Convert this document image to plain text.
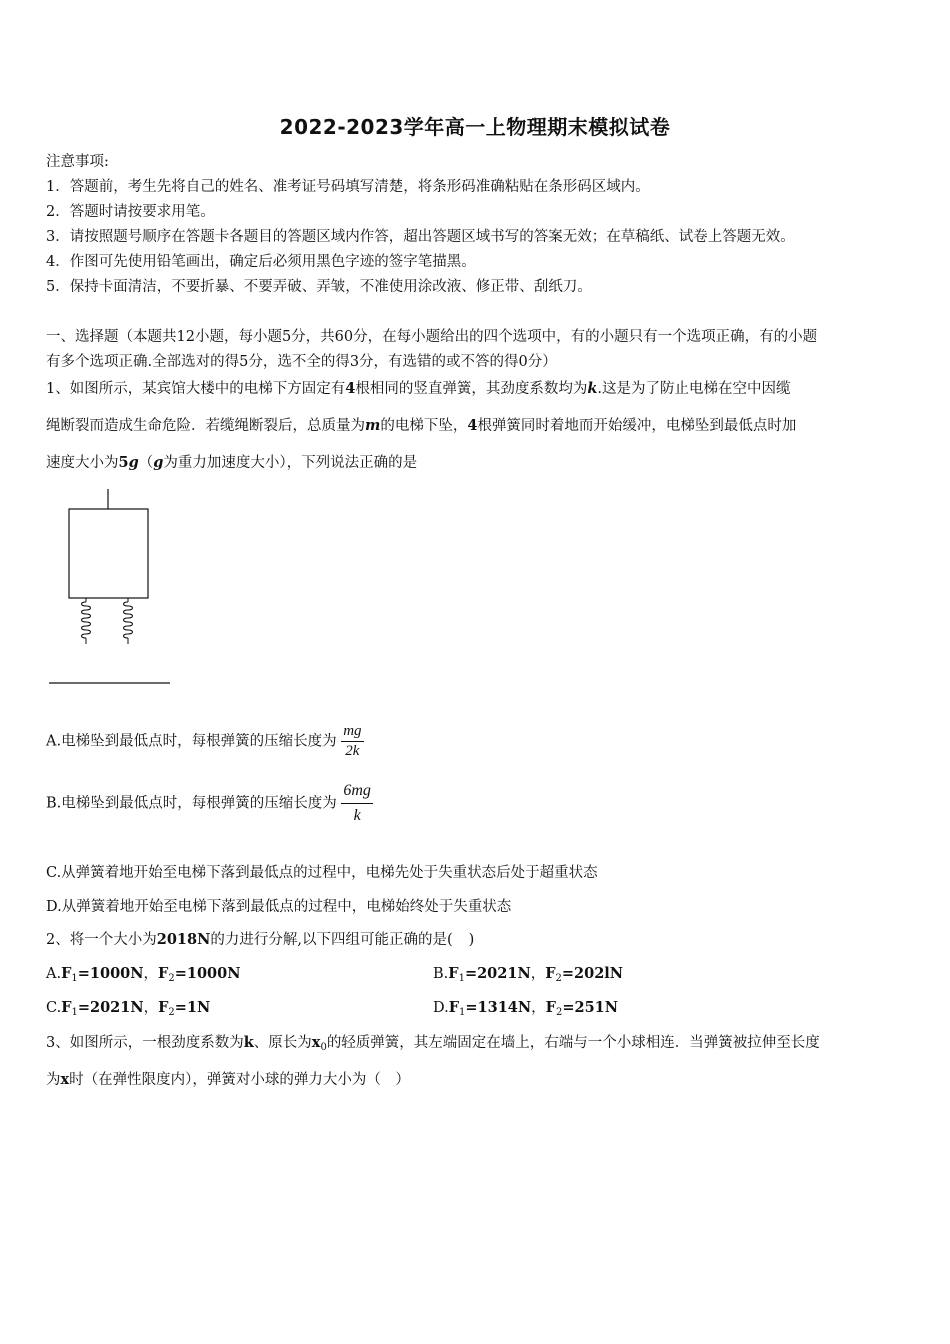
2022-2023学年高一上物理期末模拟试卷
注意事项:
1．答题前，考生先将自己的姓名、准考证号码填写清楚，将条形码准确粘贴在条形码区域内。
2．答题时请按要求用笔。
3．请按照题号顺序在答题卡各题目的答题区域内作答，超出答题区域书写的答案无效；在草稿纸、试卷上答题无效。
4．作图可先使用铅笔画出，确定后必须用黑色字迹的签字笔描黑。
5．保持卡面清洁，不要折暴、不要弄破、弄皱，不准使用涂改液、修正带、刮纸刀。
一、选择题（本题共12小题，每小题5分，共60分，在每小题给出的四个选项中，有的小题只有一个选项正确，有的小题
有多个选项正确.全部选对的得5分，选不全的得3分，有选错的或不答的得0分）
1、如图所示，某宾馆大楼中的电梯下方固定有4根相同的竖直弹簧，其劲度系数均为k.这是为了防止电梯在空中因缆
绳断裂而造成生命危险．若缆绳断裂后，总质量为m的电梯下坠，4根弹簧同时着地而开始缓冲，电梯坠到最低点时加
速度大小为5g（g为重力加速度大小），下列说法正确的是
A.电梯坠到最低点时，每根弹簧的压缩长度为 $\frac{mg}{2k}$
B.电梯坠到最低点时，每根弹簧的压缩长度为 $\frac{6mg}{k}$
C.从弹簧着地开始至电梯下落到最低点的过程中，电梯先处于失重状态后处于超重状态
D.从弹簧着地开始至电梯下落到最低点的过程中，电梯始终处于失重状态
2、将一个大小为2018N的力进行分解,以下四组可能正确的是( )
$A.F_1=1000N$，$F_2=1000N$	$B.F_1=2021N$，$F_2=202lN$
$C.F_1=2021N$，$F_2=1N$	$D.F_1=1314N$，$F_2=251N$
3、如图所示，一根劲度系数为k、原长为$x_0$的轻质弹簧，其左端固定在墙上，右端与一个小球相连．当弹簧被拉伸至长度
为x时（在弹性限度内），弹簧对小球的弹力大小为（　）
